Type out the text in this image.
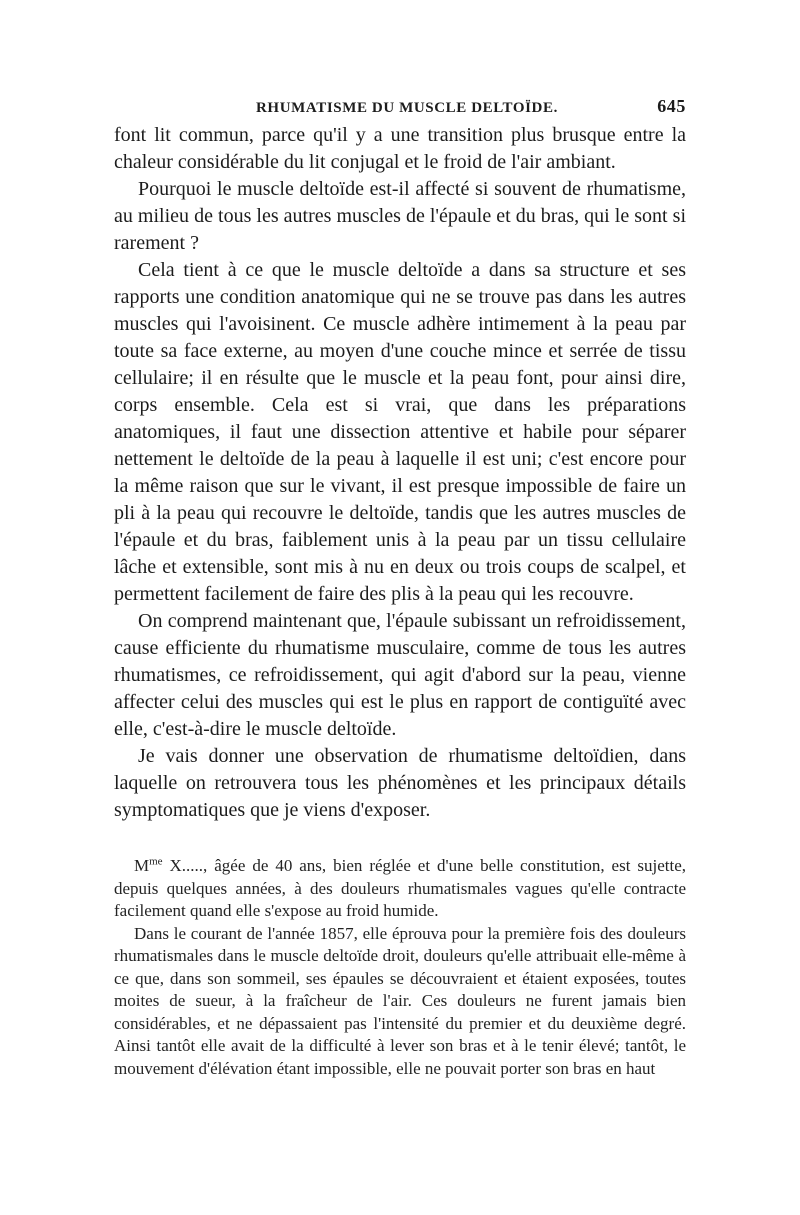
RHUMATISME DU MUSCLE DELTOÏDE.	645

font lit commun, parce qu'il y a une transition plus brusque entre la chaleur considérable du lit conjugal et le froid de l'air ambiant.

Pourquoi le muscle deltoïde est-il affecté si souvent de rhumatisme, au milieu de tous les autres muscles de l'épaule et du bras, qui le sont si rarement ?

Cela tient à ce que le muscle deltoïde a dans sa structure et ses rapports une condition anatomique qui ne se trouve pas dans les autres muscles qui l'avoisinent. Ce muscle adhère intimement à la peau par toute sa face externe, au moyen d'une couche mince et serrée de tissu cellulaire; il en résulte que le muscle et la peau font, pour ainsi dire, corps ensemble. Cela est si vrai, que dans les préparations anatomiques, il faut une dissection attentive et habile pour séparer nettement le deltoïde de la peau à laquelle il est uni; c'est encore pour la même raison que sur le vivant, il est presque impossible de faire un pli à la peau qui recouvre le deltoïde, tandis que les autres muscles de l'épaule et du bras, faiblement unis à la peau par un tissu cellulaire lâche et extensible, sont mis à nu en deux ou trois coups de scalpel, et permettent facilement de faire des plis à la peau qui les recouvre.

On comprend maintenant que, l'épaule subissant un refroidissement, cause efficiente du rhumatisme musculaire, comme de tous les autres rhumatismes, ce refroidissement, qui agit d'abord sur la peau, vienne affecter celui des muscles qui est le plus en rapport de contiguïté avec elle, c'est-à-dire le muscle deltoïde.

Je vais donner une observation de rhumatisme deltoïdien, dans laquelle on retrouvera tous les phénomènes et les principaux détails symptomatiques que je viens d'exposer.

$M^{me}$ X....., âgée de 40 ans, bien réglée et d'une belle constitution, est sujette, depuis quelques années, à des douleurs rhumatismales vagues qu'elle contracte facilement quand elle s'expose au froid humide.

Dans le courant de l'année 1857, elle éprouva pour la première fois des douleurs rhumatismales dans le muscle deltoïde droit, douleurs qu'elle attribuait elle-même à ce que, dans son sommeil, ses épaules se découvraient et étaient exposées, toutes moites de sueur, à la fraîcheur de l'air. Ces douleurs ne furent jamais bien considérables, et ne dépassaient pas l'intensité du premier et du deuxième degré. Ainsi tantôt elle avait de la difficulté à lever son bras et à le tenir élevé; tantôt, le mouvement d'élévation étant impossible, elle ne pouvait porter son bras en haut
